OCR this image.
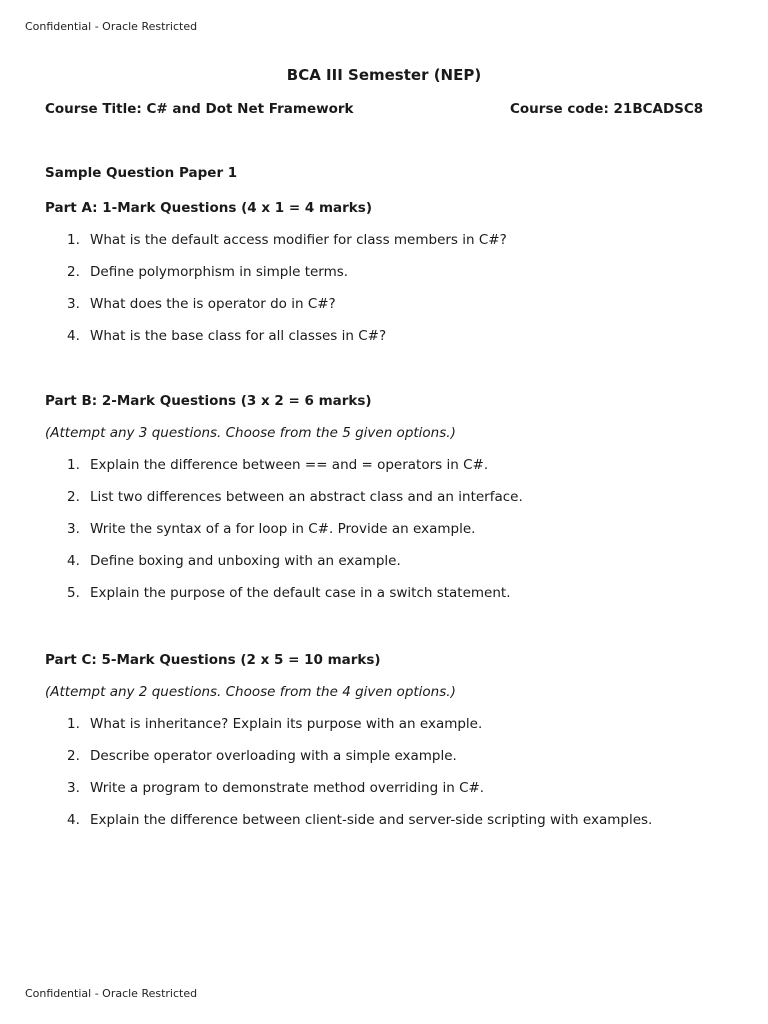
Confidential - Oracle Restricted
BCA III Semester (NEP)
Course Title: C# and Dot Net Framework	Course code: 21BCADSC8
Sample Question Paper 1
Part A: 1-Mark Questions (4 x 1 = 4 marks)
1. What is the default access modifier for class members in C#?
2. Define polymorphism in simple terms.
3. What does the is operator do in C#?
4. What is the base class for all classes in C#?
Part B: 2-Mark Questions (3 x 2 = 6 marks)
(Attempt any 3 questions. Choose from the 5 given options.)
1. Explain the difference between == and = operators in C#.
2. List two differences between an abstract class and an interface.
3. Write the syntax of a for loop in C#. Provide an example.
4. Define boxing and unboxing with an example.
5. Explain the purpose of the default case in a switch statement.
Part C: 5-Mark Questions (2 x 5 = 10 marks)
(Attempt any 2 questions. Choose from the 4 given options.)
1. What is inheritance? Explain its purpose with an example.
2. Describe operator overloading with a simple example.
3. Write a program to demonstrate method overriding in C#.
4. Explain the difference between client-side and server-side scripting with examples.
Confidential - Oracle Restricted
